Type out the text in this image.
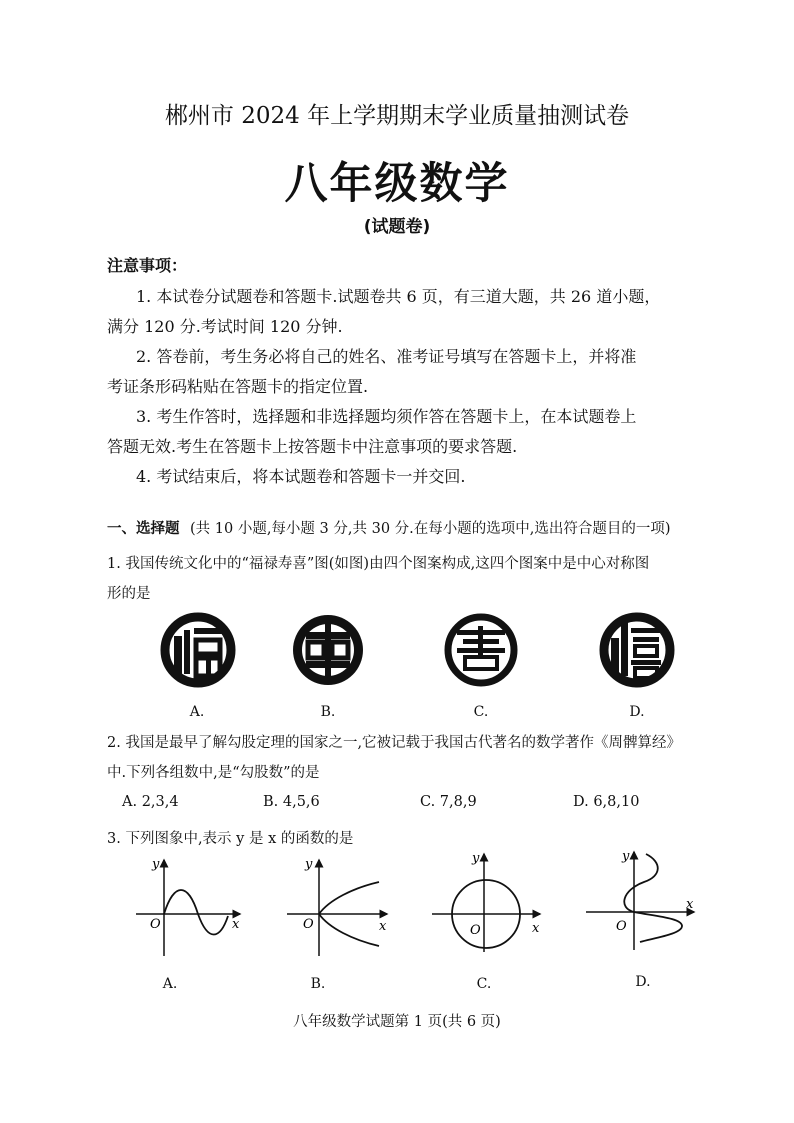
郴州市 2024 年上学期期末学业质量抽测试卷
八年级数学
(试题卷)
注意事项：
1. 本试卷分试题卷和答题卡.试题卷共 6 页，有三道大题，共 26 道小题，
满分 120 分.考试时间 120 分钟.
2. 答卷前，考生务必将自己的姓名、准考证号填写在答题卡上，并将准
考证条形码粘贴在答题卡的指定位置.
3. 考生作答时，选择题和非选择题均须作答在答题卡上，在本试题卷上
答题无效.考生在答题卡上按答题卡中注意事项的要求答题.
4. 考试结束后，将本试题卷和答题卡一并交回.
一、选择题 (共 10 小题,每小题 3 分,共 30 分.在每小题的选项中,选出符合题目的一项)
1. 我国传统文化中的“福禄寿喜”图(如图)由四个图案构成,这四个图案中是中心对称图
形的是
A.	B.	C.	D.
2. 我国是最早了解勾股定理的国家之一,它被记载于我国古代著名的数学著作《周髀算经》
中.下列各组数中,是“勾股数”的是
A. 2,3,4	B. 4,5,6	C. 7,8,9	D. 6,8,10
3. 下列图象中,表示 y 是 x 的函数的是
y
O	x
y
O	x
y
O	x
y
O
x
A.	B.	C.	D.
八年级数学试题第 1 页(共 6 页)
